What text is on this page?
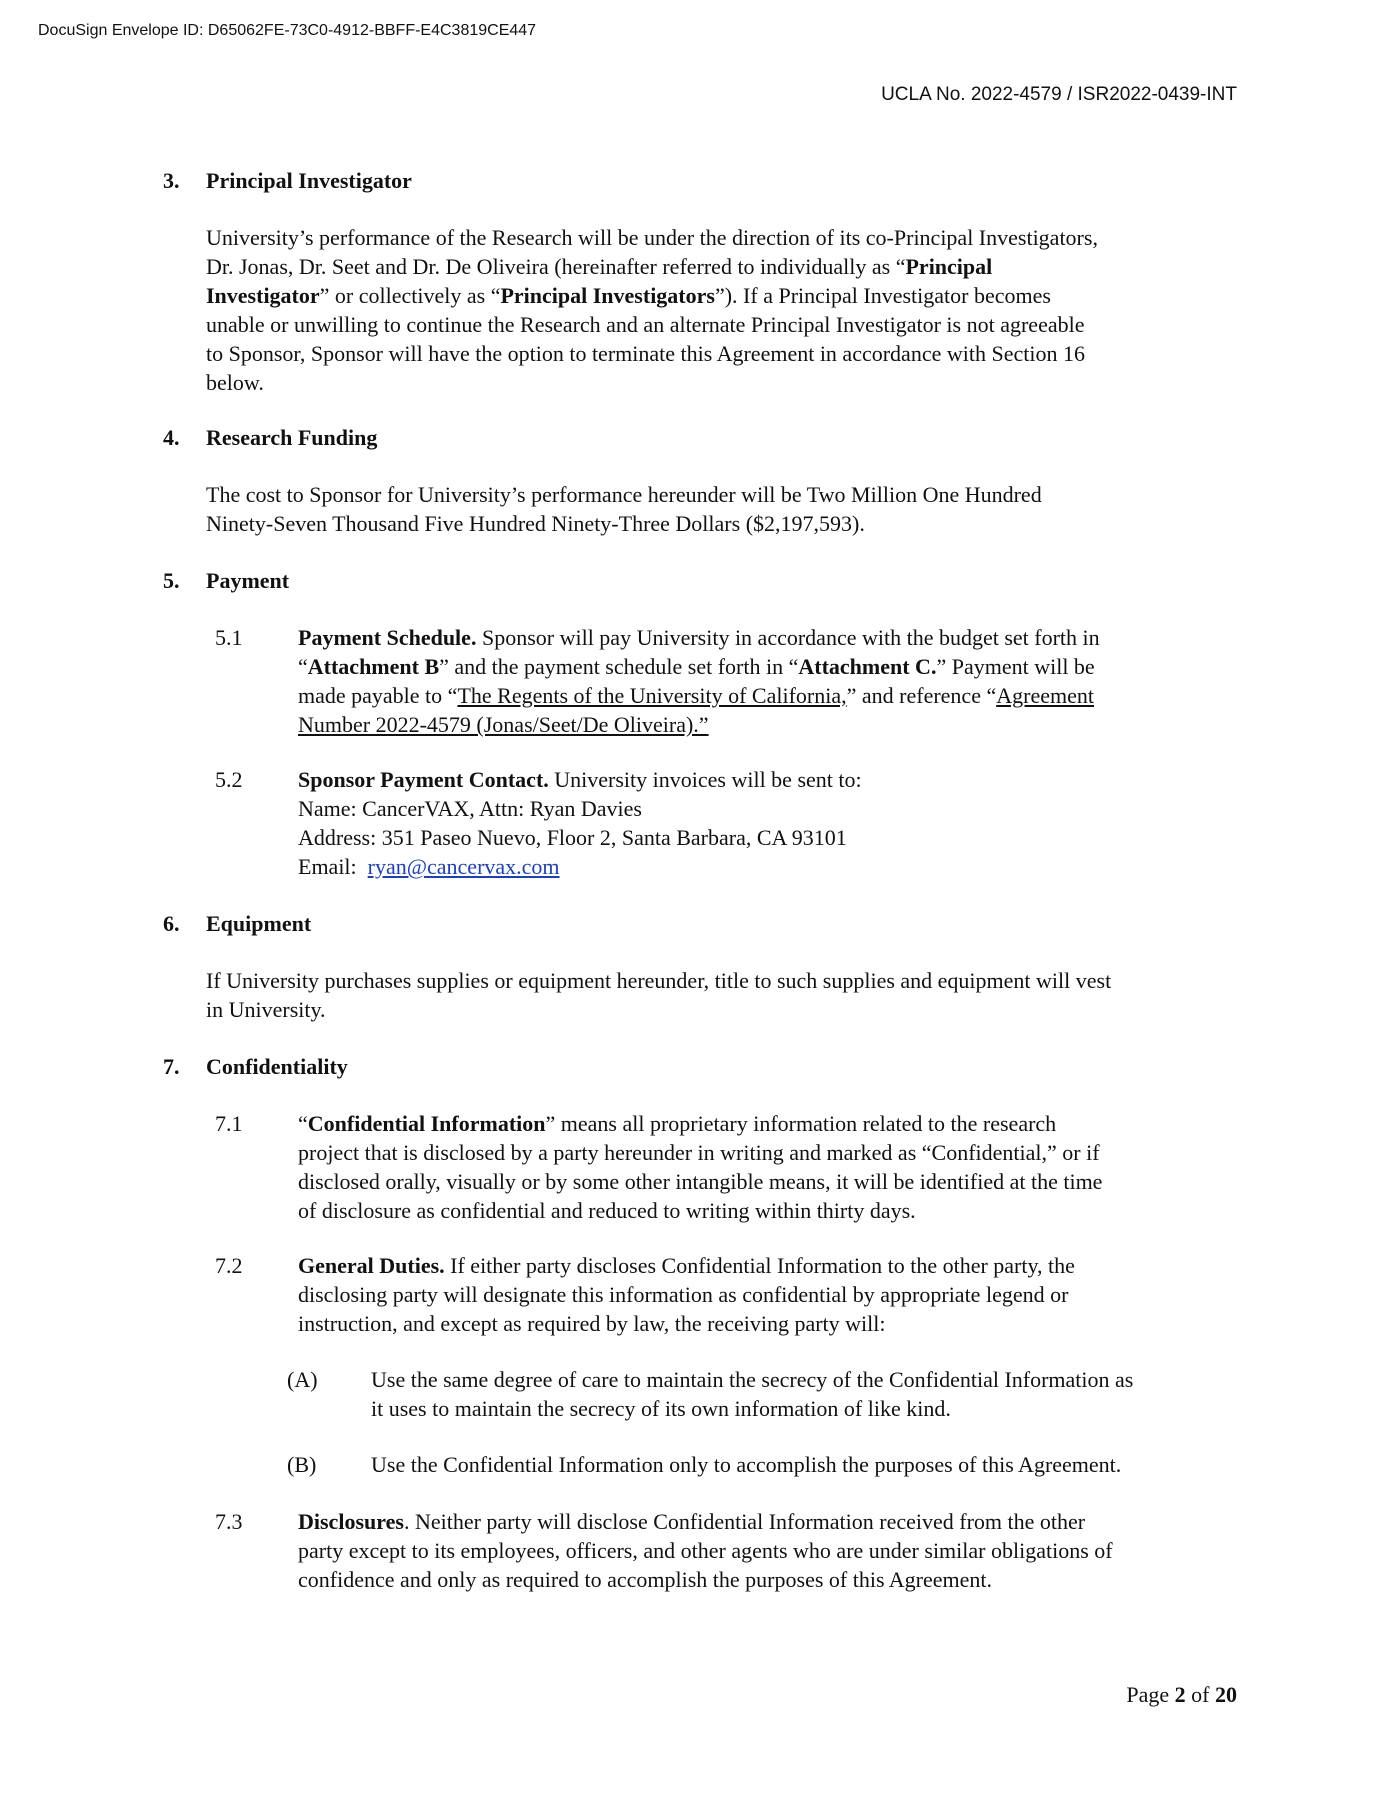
DocuSign Envelope ID: D65062FE-73C0-4912-BBFF-E4C3819CE447
UCLA No. 2022-4579 / ISR2022-0439-INT
3. Principal Investigator
University’s performance of the Research will be under the direction of its co-Principal Investigators,
Dr. Jonas, Dr. Seet and Dr. De Oliveira (hereinafter referred to individually as “Principal
Investigator” or collectively as “Principal Investigators”). If a Principal Investigator becomes
unable or unwilling to continue the Research and an alternate Principal Investigator is not agreeable
to Sponsor, Sponsor will have the option to terminate this Agreement in accordance with Section 16
below.
4. Research Funding
The cost to Sponsor for University’s performance hereunder will be Two Million One Hundred
Ninety-Seven Thousand Five Hundred Ninety-Three Dollars ($2,197,593).
5. Payment
5.1	Payment Schedule. Sponsor will pay University in accordance with the budget set forth in
“Attachment B” and the payment schedule set forth in “Attachment C.” Payment will be
made payable to “The Regents of the University of California,” and reference “Agreement
Number 2022-4579 (Jonas/Seet/De Oliveira).”
5.2	Sponsor Payment Contact. University invoices will be sent to:
Name: CancerVAX, Attn: Ryan Davies
Address: 351 Paseo Nuevo, Floor 2, Santa Barbara, CA 93101
Email:  ryan@cancervax.com
6. Equipment
If University purchases supplies or equipment hereunder, title to such supplies and equipment will vest
in University.
7. Confidentiality
7.1	“Confidential Information” means all proprietary information related to the research
project that is disclosed by a party hereunder in writing and marked as “Confidential,” or if
disclosed orally, visually or by some other intangible means, it will be identified at the time
of disclosure as confidential and reduced to writing within thirty days.
7.2	General Duties. If either party discloses Confidential Information to the other party, the
disclosing party will designate this information as confidential by appropriate legend or
instruction, and except as required by law, the receiving party will:
(A) Use the same degree of care to maintain the secrecy of the Confidential Information as
it uses to maintain the secrecy of its own information of like kind.
(B) Use the Confidential Information only to accomplish the purposes of this Agreement.
7.3	Disclosures. Neither party will disclose Confidential Information received from the other
party except to its employees, officers, and other agents who are under similar obligations of
confidence and only as required to accomplish the purposes of this Agreement.
Page 2 of 20
